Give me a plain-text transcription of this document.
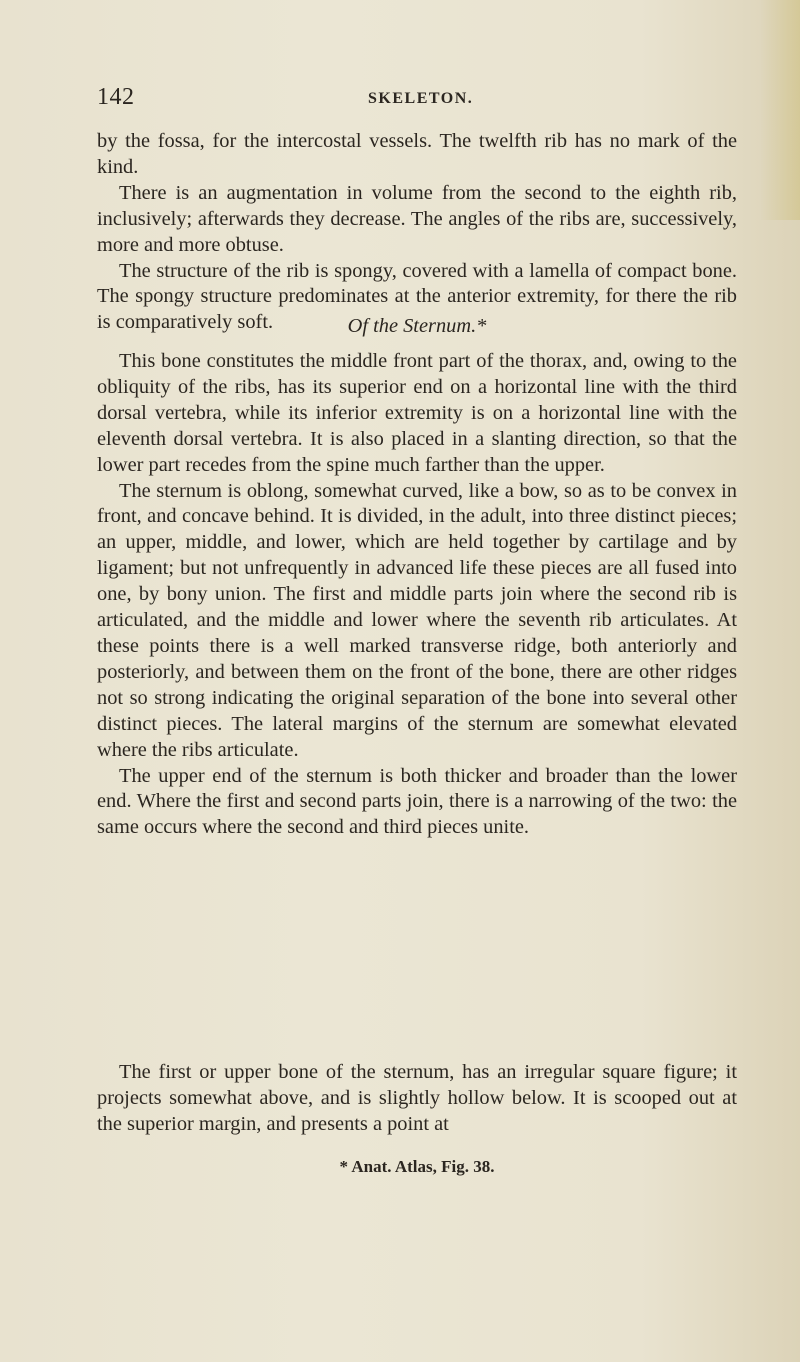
142	SKELETON.

by the fossa, for the intercostal vessels. The twelfth rib has no mark of the kind.

There is an augmentation in volume from the second to the eighth rib, inclusively; afterwards they decrease. The angles of the ribs are, successively, more and more obtuse.

The structure of the rib is spongy, covered with a lamella of compact bone. The spongy structure predominates at the anterior extremity, for there the rib is comparatively soft.	Of the Sternum.*

This bone constitutes the middle front part of the thorax, and, owing to the obliquity of the ribs, has its superior end on a horizontal line with the third dorsal vertebra, while its inferior extremity is on a horizontal line with the eleventh dorsal vertebra. It is also placed in a slanting direction, so that the lower part recedes from the spine much farther than the upper.

The sternum is oblong, somewhat curved, like a bow, so as to be convex in front, and concave behind. It is divided, in the adult, into three distinct pieces; an upper, middle, and lower, which are held together by cartilage and by ligament; but not unfrequently in advanced life these pieces are all fused into one, by bony union. The first and middle parts join where the second rib is articulated, and the middle and lower where the seventh rib articulates. At these points there is a well marked transverse ridge, both anteriorly and posteriorly, and between them on the front of the bone, there are other ridges not so strong indicating the original separation of the bone into several other distinct pieces. The lateral margins of the sternum are somewhat elevated where the ribs articulate.

The upper end of the sternum is both thicker and broader than the lower end. Where the first and second parts join, there is a narrowing of the two: the same occurs where the second and third pieces unite.

The first or upper bone of the sternum, has an irregular square figure; it projects somewhat above, and is slightly hollow below. It is scooped out at the superior margin, and presents a point at

* Anat. Atlas, Fig. 38.
